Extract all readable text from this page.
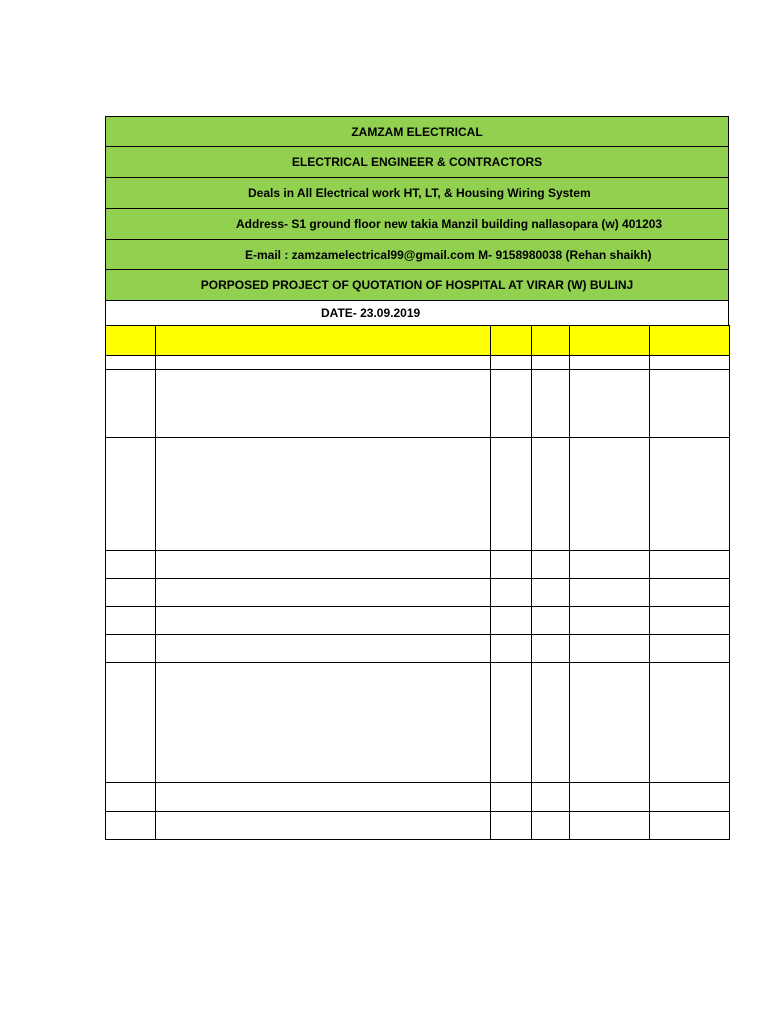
ZAMZAM ELECTRICAL
ELECTRICAL ENGINEER & CONTRACTORS
Deals in All Electrical work HT, LT, & Housing Wiring System
Address- S1 ground floor new takia Manzil building nallasopara (w) 401203
E-mail : zamzamelectrical99@gmail.com M- 9158980038 (Rehan shaikh)
PORPOSED PROJECT OF QUOTATION OF HOSPITAL AT VIRAR (W) BULINJ
DATE- 23.09.2019
